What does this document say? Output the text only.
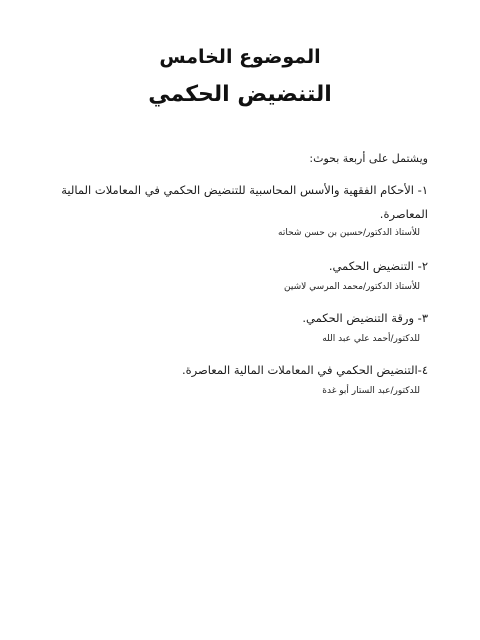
الموضوع الخامس
التنضيض الحكمي
ويشتمل على أربعة بحوث:
١- الأحكام الفقهية والأسس المحاسبية للتنضيض الحكمي في المعاملات المالية المعاصرة.
للأستاذ الدكتور/حسين بن حسن شحاته
٢- التنضيض الحكمي.
للأستاذ الدكتور/محمد المرسي لاشين
٣- ورقة التنضيض الحكمي.
للدكتور/أحمد علي عبد الله
٤-التنضيض الحكمي في المعاملات المالية المعاصرة.
للدكتور/عبد الستار أبو غدة
